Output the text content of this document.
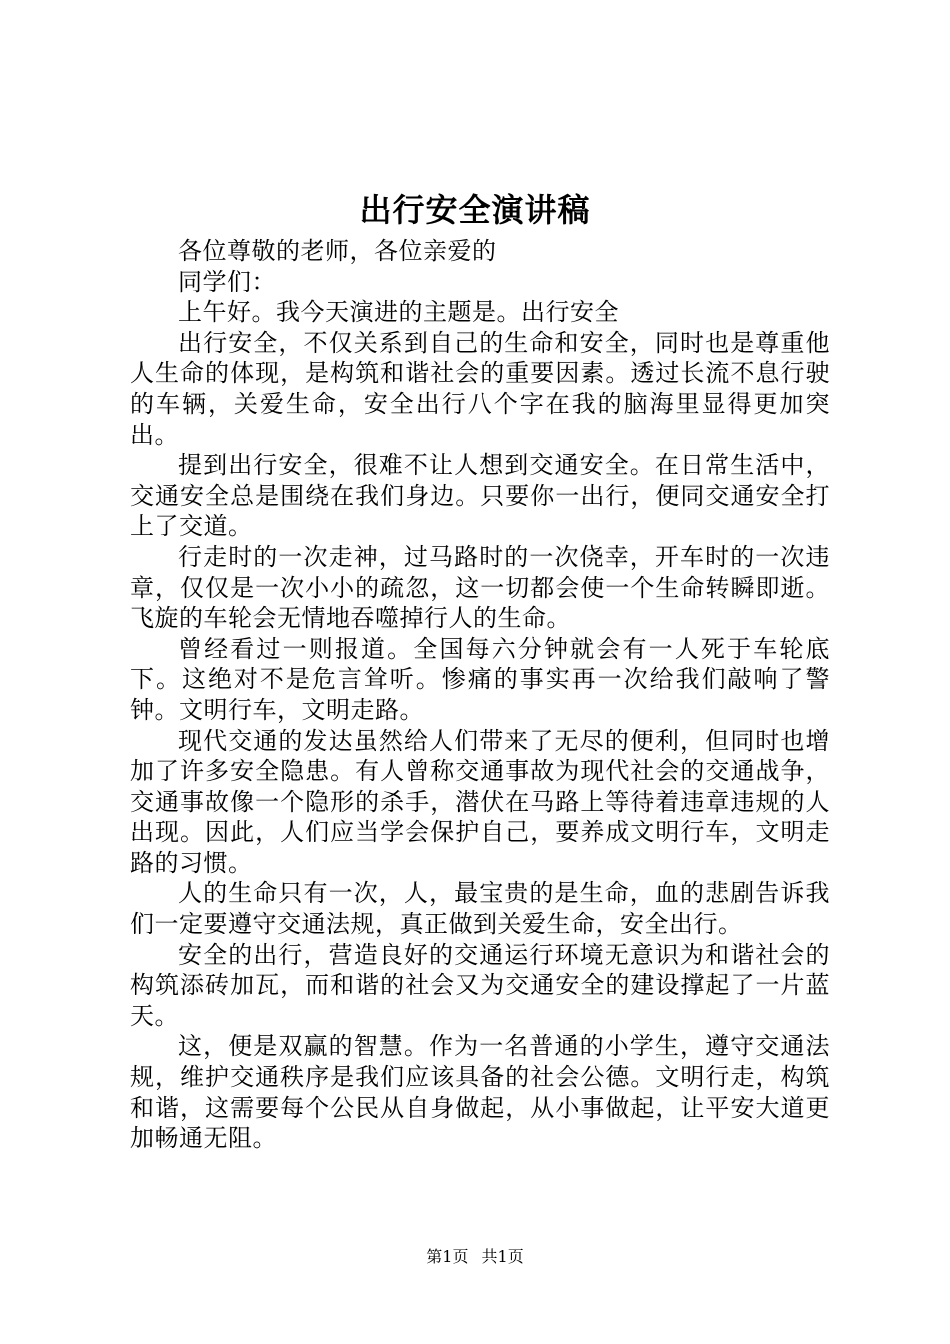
出行安全演讲稿

各位尊敬的老师，各位亲爱的

同学们：

上午好。我今天演进的主题是。出行安全

出行安全，不仅关系到自己的生命和安全，同时也是尊重他人生命的体现，是构筑和谐社会的重要因素。透过长流不息行驶的车辆，关爱生命，安全出行八个字在我的脑海里显得更加突出。

提到出行安全，很难不让人想到交通安全。在日常生活中，交通安全总是围绕在我们身边。只要你一出行，便同交通安全打上了交道。

行走时的一次走神，过马路时的一次侥幸，开车时的一次违章，仅仅是一次小小的疏忽，这一切都会使一个生命转瞬即逝。飞旋的车轮会无情地吞噬掉行人的生命。

曾经看过一则报道。全国每六分钟就会有一人死于车轮底下。这绝对不是危言耸听。惨痛的事实再一次给我们敲响了警钟。文明行车，文明走路。

现代交通的发达虽然给人们带来了无尽的便利，但同时也增加了许多安全隐患。有人曾称交通事故为现代社会的交通战争，交通事故像一个隐形的杀手，潜伏在马路上等待着违章违规的人出现。因此，人们应当学会保护自己，要养成文明行车，文明走路的习惯。

人的生命只有一次，人，最宝贵的是生命，血的悲剧告诉我们一定要遵守交通法规，真正做到关爱生命，安全出行。

安全的出行，营造良好的交通运行环境无意识为和谐社会的构筑添砖加瓦，而和谐的社会又为交通安全的建设撑起了一片蓝天。

这，便是双赢的智慧。作为一名普通的小学生，遵守交通法规，维护交通秩序是我们应该具备的社会公德。文明行走，构筑和谐，这需要每个公民从自身做起，从小事做起，让平安大道更加畅通无阻。

第1页 共1页
